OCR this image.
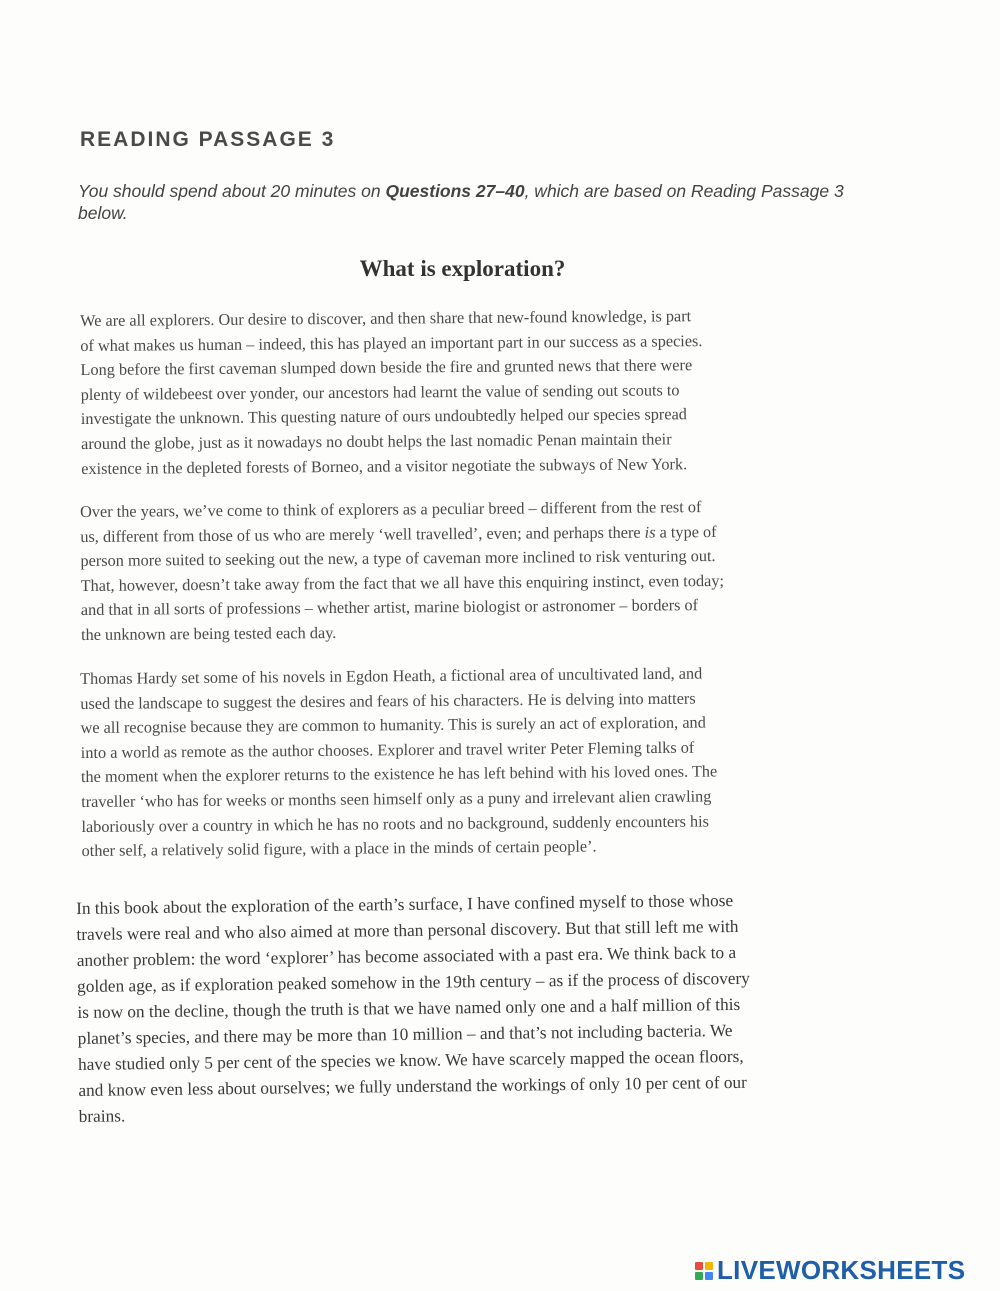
READING PASSAGE 3

You should spend about 20 minutes on Questions 27–40, which are based on Reading Passage 3 below.

What is exploration?

We are all explorers. Our desire to discover, and then share that new-found knowledge, is part
of what makes us human – indeed, this has played an important part in our success as a species.
Long before the first caveman slumped down beside the fire and grunted news that there were
plenty of wildebeest over yonder, our ancestors had learnt the value of sending out scouts to
investigate the unknown. This questing nature of ours undoubtedly helped our species spread
around the globe, just as it nowadays no doubt helps the last nomadic Penan maintain their
existence in the depleted forests of Borneo, and a visitor negotiate the subways of New York.

Over the years, we’ve come to think of explorers as a peculiar breed – different from the rest of
us, different from those of us who are merely ‘well travelled’, even; and perhaps there is a type of
person more suited to seeking out the new, a type of caveman more inclined to risk venturing out.
That, however, doesn’t take away from the fact that we all have this enquiring instinct, even today;
and that in all sorts of professions – whether artist, marine biologist or astronomer – borders of
the unknown are being tested each day.

Thomas Hardy set some of his novels in Egdon Heath, a fictional area of uncultivated land, and
used the landscape to suggest the desires and fears of his characters. He is delving into matters
we all recognise because they are common to humanity. This is surely an act of exploration, and
into a world as remote as the author chooses. Explorer and travel writer Peter Fleming talks of
the moment when the explorer returns to the existence he has left behind with his loved ones. The
traveller ‘who has for weeks or months seen himself only as a puny and irrelevant alien crawling
laboriously over a country in which he has no roots and no background, suddenly encounters his
other self, a relatively solid figure, with a place in the minds of certain people’.

In this book about the exploration of the earth’s surface, I have confined myself to those whose
travels were real and who also aimed at more than personal discovery. But that still left me with
another problem: the word ‘explorer’ has become associated with a past era. We think back to a
golden age, as if exploration peaked somehow in the 19th century – as if the process of discovery
is now on the decline, though the truth is that we have named only one and a half million of this
planet’s species, and there may be more than 10 million – and that’s not including bacteria. We
have studied only 5 per cent of the species we know. We have scarcely mapped the ocean floors,
and know even less about ourselves; we fully understand the workings of only 10 per cent of our
brains.

LIVEWORKSHEETS
